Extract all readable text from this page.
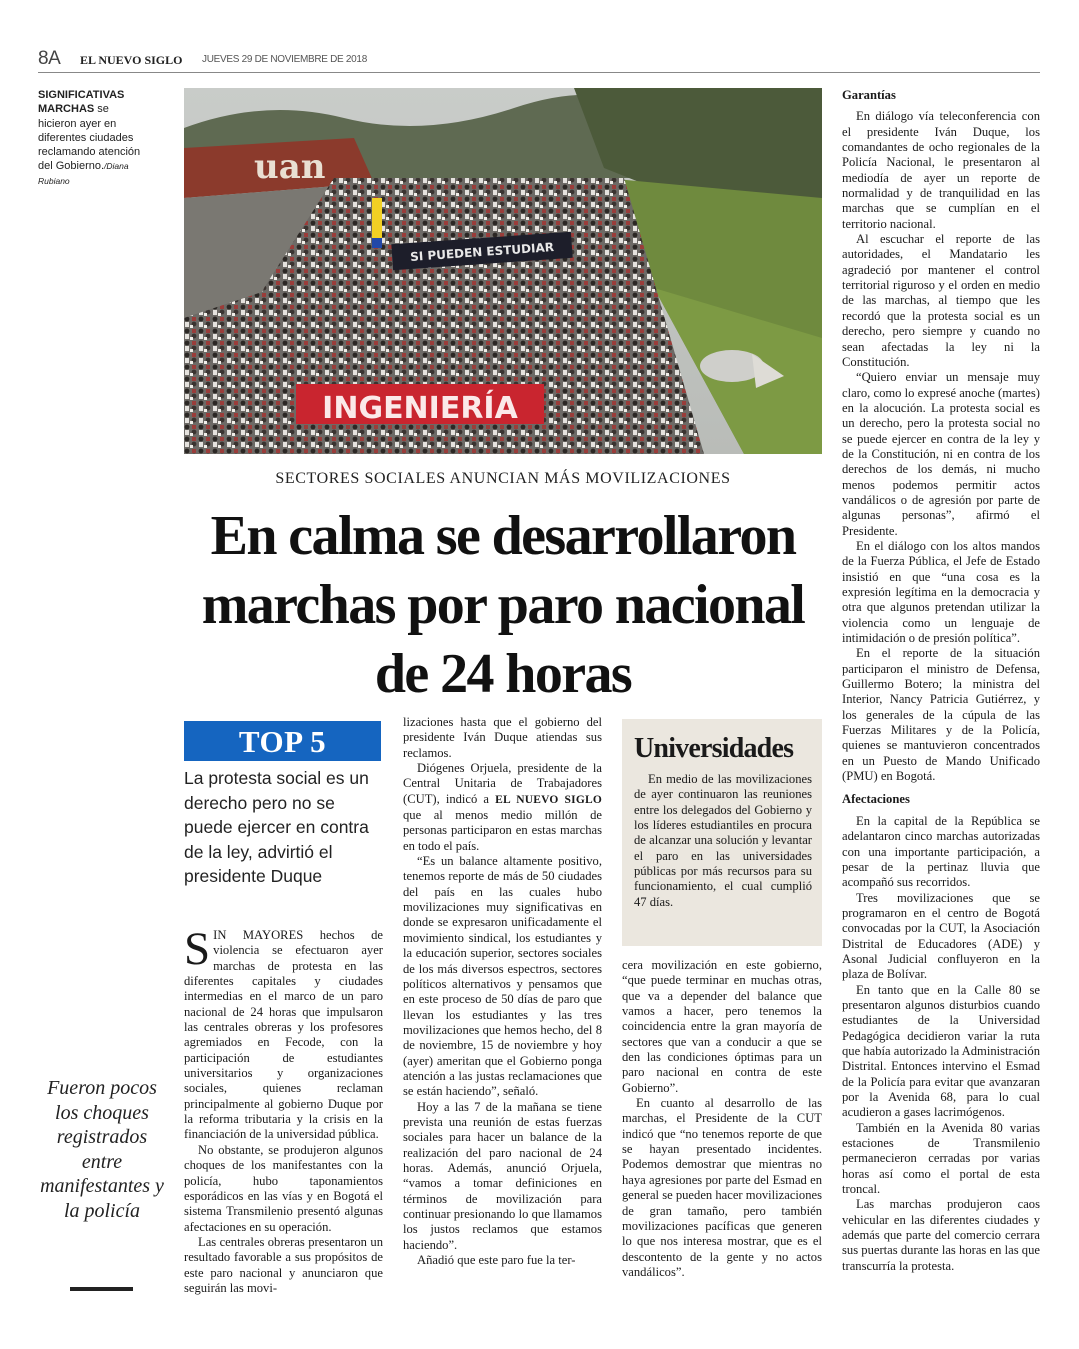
8A EL NUEVO SIGLO JUEVES 29 DE NOVIEMBRE DE 2018
SIGNIFICATIVAS MARCHAS se hicieron ayer en diferentes ciudades reclamando atención del Gobierno./Diana Rubiano	uan
SI PUEDEN ESTUDIAR
INGENIERÍA
SECTORES SOCIALES ANUNCIAN MÁS MOVILIZACIONES
En calma se desarrollaron marchas por paro nacional de 24 horas
TOP 5
La protesta social es un derecho pero no se puede ejercer en contra de la ley, advirtió el presidente Duque

SIN MAYORES hechos de violencia se efectuaron ayer marchas de protesta en las diferentes capitales y ciudades intermedias en el marco de un paro nacional de 24 horas que impulsaron las centrales obreras y los profesores agremiados en Fecode, con la participación de estudiantes universitarios y organizaciones sociales, quienes reclaman principalmente al gobierno Duque por la reforma tributaria y la crisis en la financiación de la universidad pública.

No obstante, se produjeron algunos choques de los manifestantes con la policía, hubo taponamientos esporádicos en las vías y en Bogotá el sistema Transmilenio presentó algunas afectaciones en su operación.

Las centrales obreras presentaron un resultado favorable a sus propósitos de este paro nacional y anunciaron que seguirán las movi-

Fueron pocos los choques registrados entre manifestantes y la policía

lizaciones hasta que el gobierno del presidente Iván Duque atiendas sus reclamos.

Diógenes Orjuela, presidente de la Central Unitaria de Trabajadores (CUT), indicó a EL NUEVO SIGLO que al menos medio millón de personas participaron en estas marchas en todo el país.

“Es un balance altamente positivo, tenemos reporte de más de 50 ciudades del país en las cuales hubo movilizaciones muy significativas en donde se expresaron unificadamente el movimiento sindical, los estudiantes y la educación superior, sectores sociales de los más diversos espectros, sectores políticos alternativos y pensamos que en este proceso de 50 días de paro que llevan los estudiantes y las tres movilizaciones que hemos hecho, del 8 de noviembre, 15 de noviembre y hoy (ayer) ameritan que el Gobierno ponga atención a las justas reclamaciones que se están haciendo”, señaló.

Hoy a las 7 de la mañana se tiene prevista una reunión de estas fuerzas sociales para hacer un balance de la realización del paro nacional de 24 horas. Además, anunció Orjuela, “vamos a tomar definiciones en términos de movilización para continuar presionando lo que llamamos los justos reclamos que estamos haciendo”.

Añadió que este paro fue la ter-

Universidades

En medio de las movilizaciones de ayer continuaron las reuniones entre los delegados del Gobierno y los líderes estudiantiles en procura de alcanzar una solución y levantar el paro en las universidades públicas por más recursos para su funcionamiento, el cual cumplió 47 días.

cera movilización en este gobierno, “que puede terminar en muchas otras, que va a depender del balance que vamos a hacer, pero tenemos la coincidencia entre la gran mayoría de sectores que van a conducir a que se den las condiciones óptimas para un paro nacional en contra de este Gobierno”.

En cuanto al desarrollo de las marchas, el Presidente de la CUT indicó que “no tenemos reporte de que se hayan presentado incidentes. Podemos demostrar que mientras no haya agresiones por parte del Esmad en general se pueden hacer movilizaciones de gran tamaño, pero también movilizaciones pacíficas que generen lo que nos interesa mostrar, que es el descontento de la gente y no actos vandálicos”.

Garantías

En diálogo vía teleconferencia con el presidente Iván Duque, los comandantes de ocho regionales de la Policía Nacional, le presentaron al mediodía de ayer un reporte de normalidad y de tranquilidad en las marchas que se cumplían en el territorio nacional.

Al escuchar el reporte de las autoridades, el Mandatario les agradeció por mantener el control territorial riguroso y el orden en medio de las marchas, al tiempo que les recordó que la protesta social es un derecho, pero siempre y cuando no sean afectadas la ley ni la Constitución.

“Quiero enviar un mensaje muy claro, como lo expresé anoche (martes) en la alocución. La protesta social es un derecho, pero la protesta social no se puede ejercer en contra de la ley y de la Constitución, ni en contra de los derechos de los demás, ni mucho menos podemos permitir actos vandálicos o de agresión por parte de algunas personas”, afirmó el Presidente.

En el diálogo con los altos mandos de la Fuerza Pública, el Jefe de Estado insistió en que “una cosa es la expresión legítima en la democracia y otra que algunos pretendan utilizar la violencia como un lenguaje de intimidación o de presión política”.

En el reporte de la situación participaron el ministro de Defensa, Guillermo Botero; la ministra del Interior, Nancy Patricia Gutiérrez, y los generales de la cúpula de las Fuerzas Militares y de la Policía, quienes se mantuvieron concentrados en un Puesto de Mando Unificado (PMU) en Bogotá.

Afectaciones

En la capital de la República se adelantaron cinco marchas autorizadas con una importante participación, a pesar de la pertinaz lluvia que acompañó sus recorridos.

Tres movilizaciones que se programaron en el centro de Bogotá convocadas por la CUT, la Asociación Distrital de Educadores (ADE) y Asonal Judicial confluyeron en la plaza de Bolívar.

En tanto que en la Calle 80 se presentaron algunos disturbios cuando estudiantes de la Universidad Pedagógica decidieron variar la ruta que había autorizado la Administración Distrital. Entonces intervino el Esmad de la Policía para evitar que avanzaran por la Avenida 68, para lo cual acudieron a gases lacrimógenos.

También en la Avenida 80 varias estaciones de Transmilenio permanecieron cerradas por varias horas así como el portal de esta troncal.

Las marchas produjeron caos vehicular en las diferentes ciudades y además que parte del comercio cerrara sus puertas durante las horas en las que transcurría la protesta.
